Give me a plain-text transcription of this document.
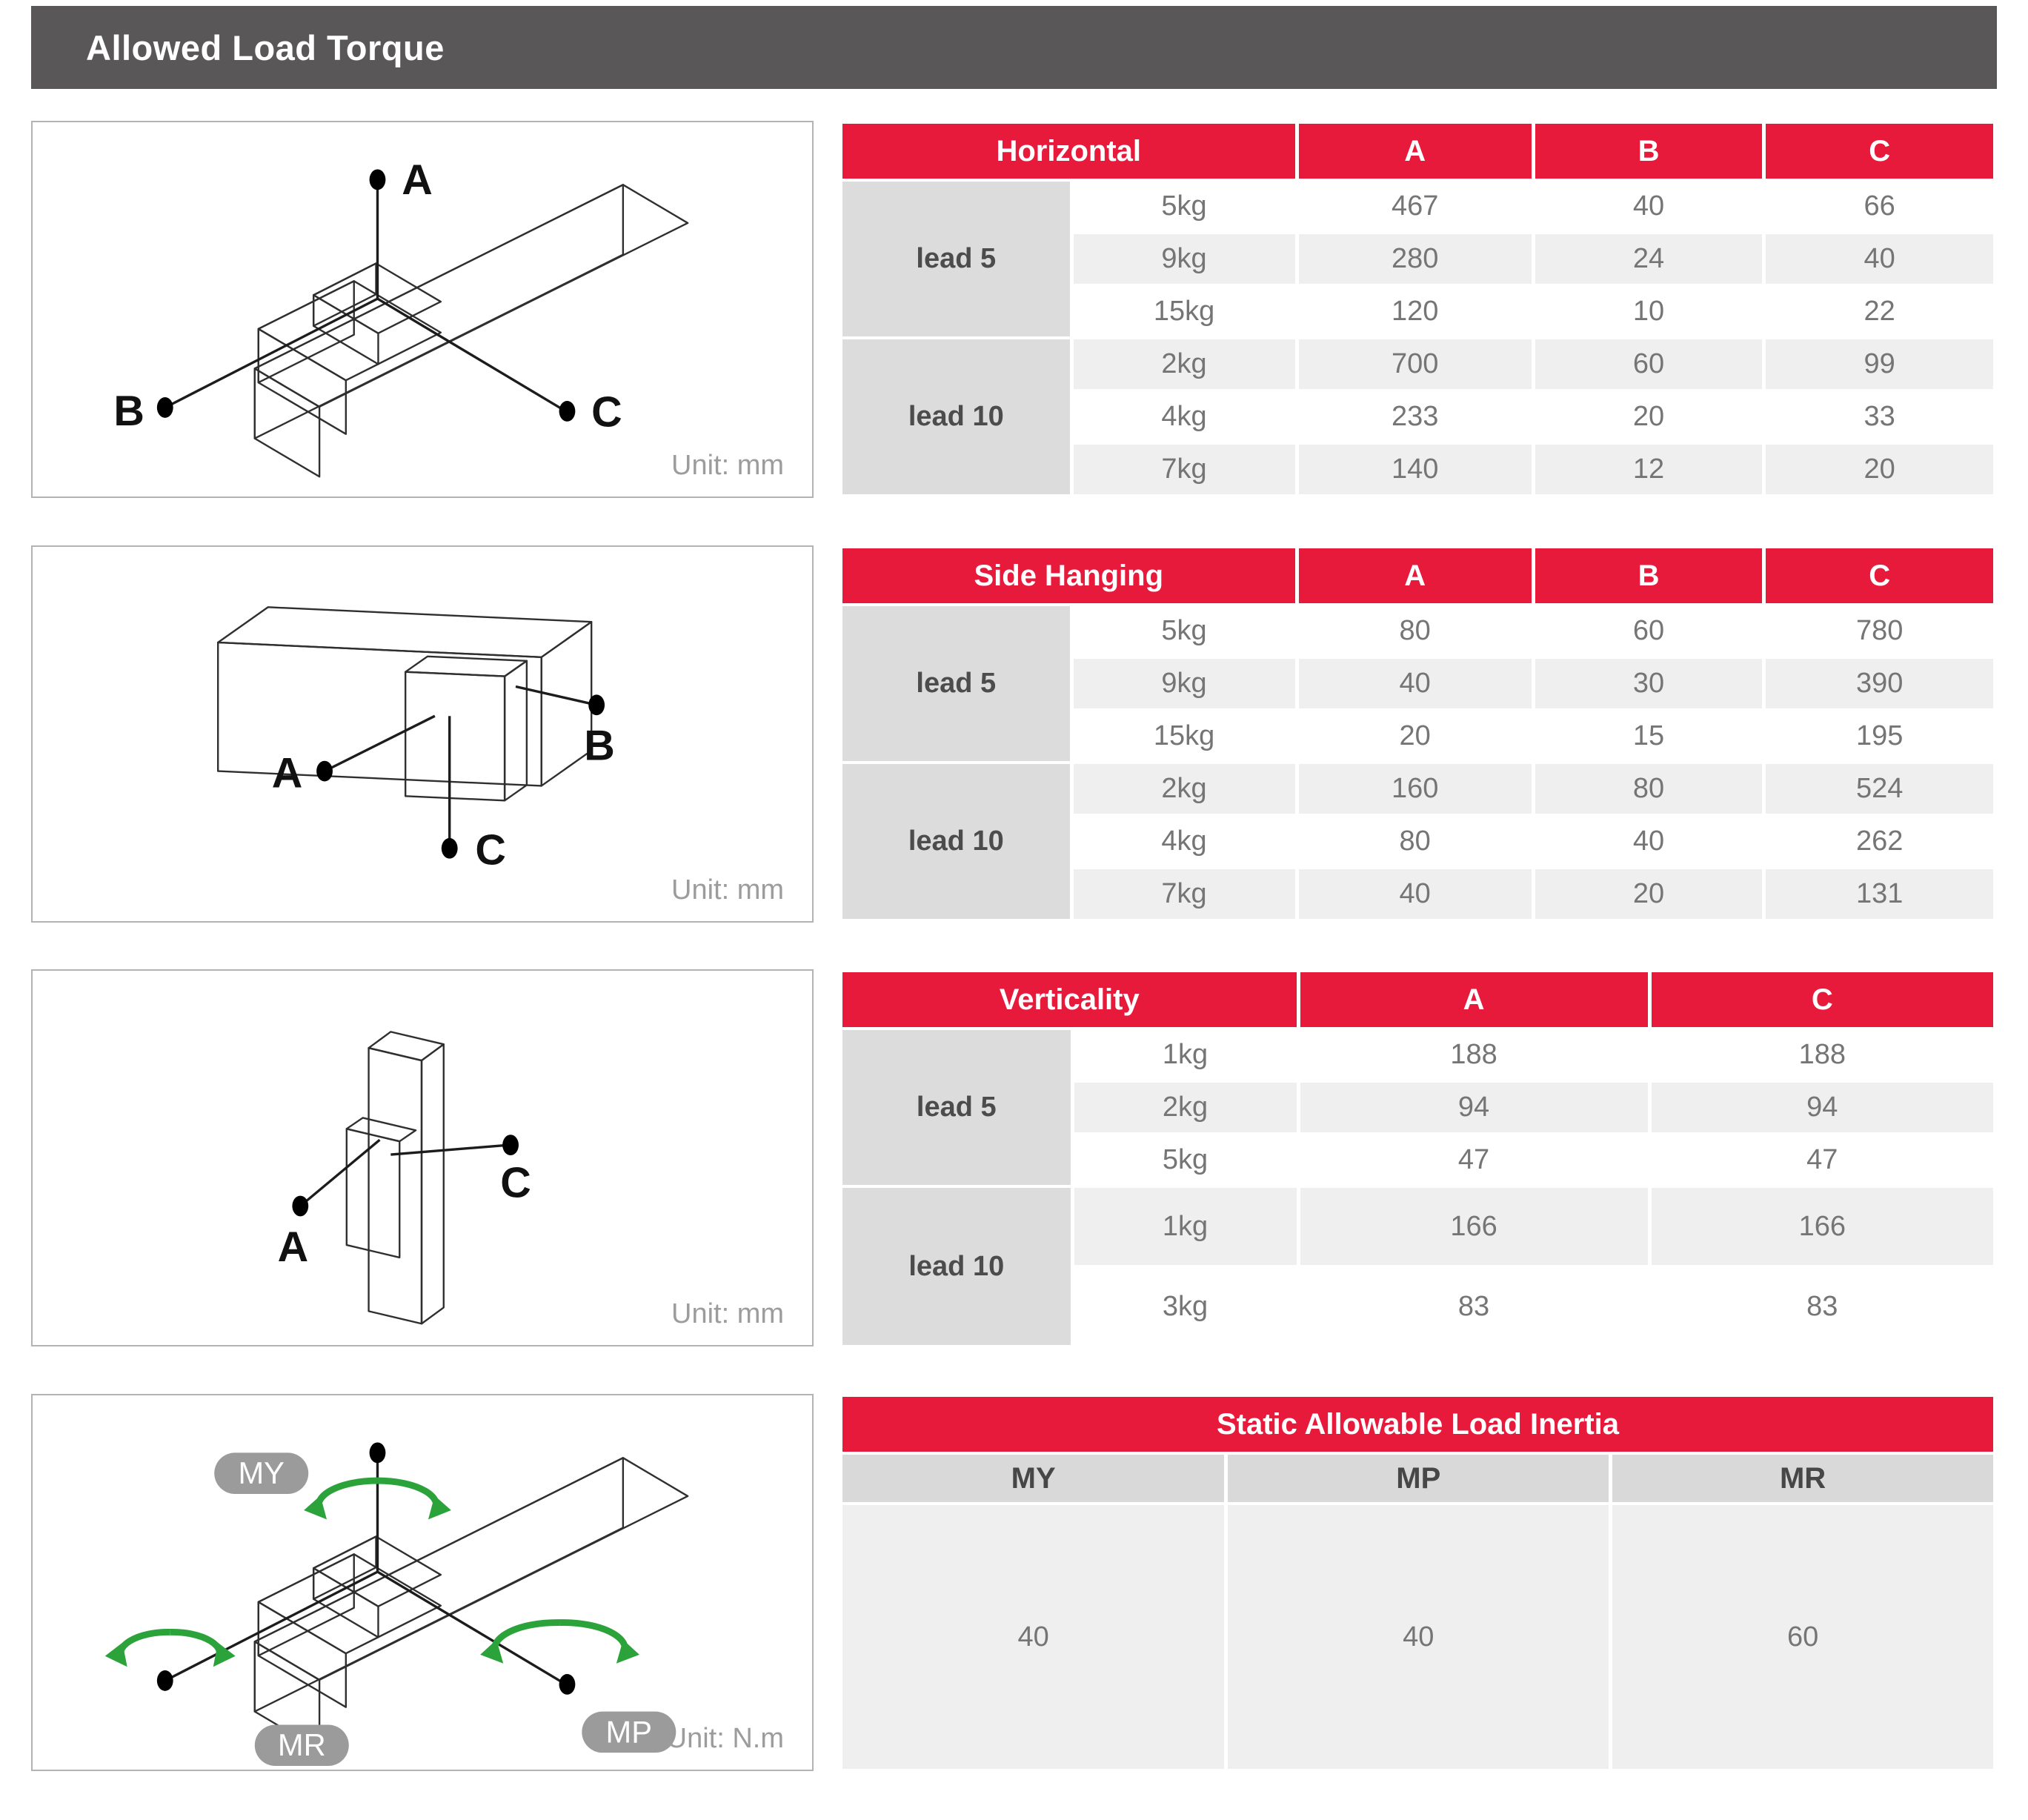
Allowed Load Torque
A
B	C
Unit: mm
Horizontal		A	B	C
lead 5	5kg	467	40	66
	9kg	280	24	40
	15kg	120	10	22
lead 10	2kg	700	60	99
	4kg	233	20	33
	7kg	140	12	20
A
B
C
Unit: mm
Side Hanging		A	B	C
lead 5	5kg	80	60	780
	9kg	40	30	390
	15kg	20	15	195
lead 10	2kg	160	80	524
	4kg	80	40	262
	7kg	40	20	131
A
C
Unit: mm
Verticality		A	C
lead 5	1kg	188	188
	2kg	94	94
	5kg	47	47
lead 10	1kg	166	166
	3kg	83	83
MY
MP
MR	Unit: N.m
Static Allowable Load Inertia		
MY	MP	MR
40	40	60
